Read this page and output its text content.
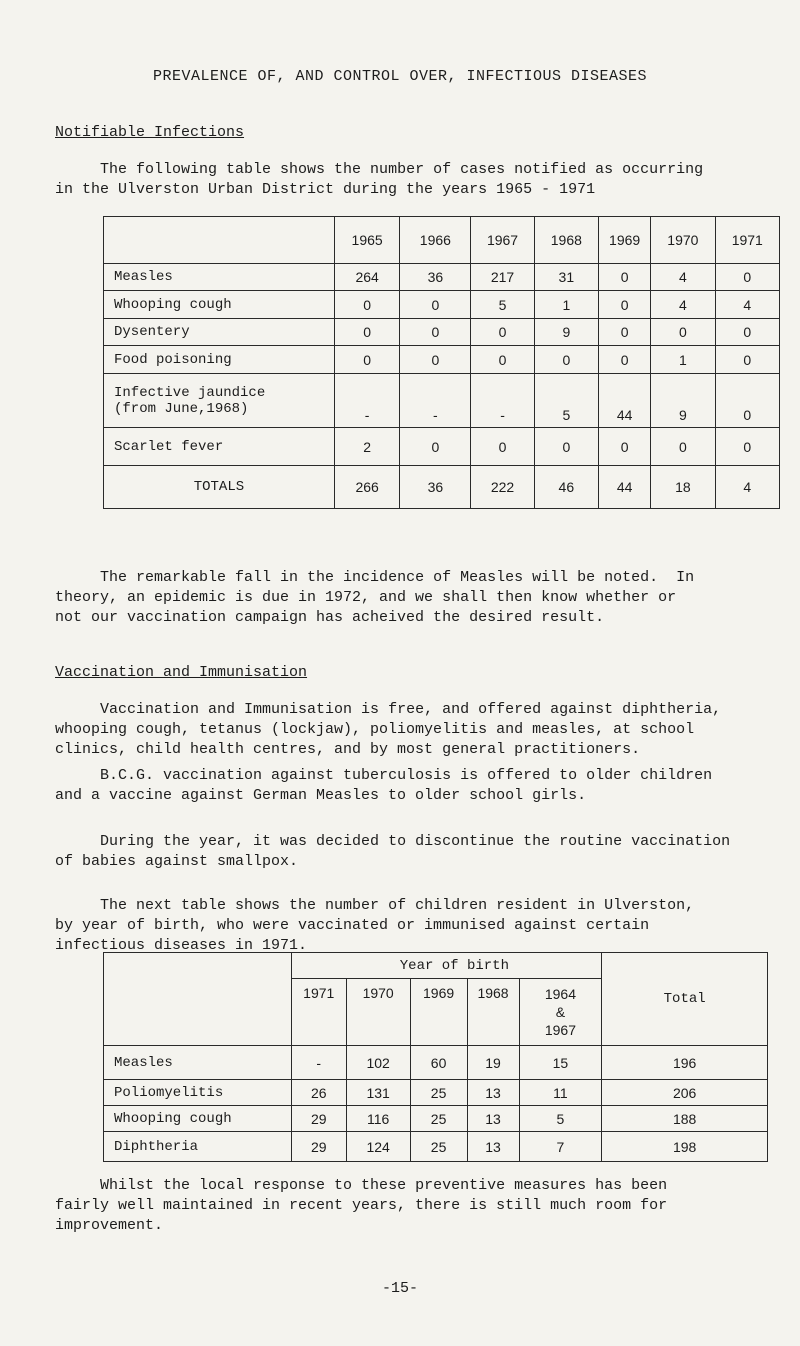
PREVALENCE OF, AND CONTROL OVER, INFECTIOUS DISEASES
Notifiable Infections
The following table shows the number of cases notified as occurring
in the Ulverston Urban District during the years 1965 - 1971
	1965	1966	1967	1968	1969	1970	1971
Measles	264	36	217	31	0	4	0
Whooping cough	0	0	5	1	0	4	4
Dysentery	0	0	0	9	0	0	0
Food poisoning	0	0	0	0	0	1	0
Infective jaundice
(from June,1968)	-	-	-	5	44	9	0
Scarlet fever	2	0	0	0	0	0	0
TOTALS	266	36	222	46	44	18	4
The remarkable fall in the incidence of Measles will be noted.  In
theory, an epidemic is due in 1972, and we shall then know whether or
not our vaccination campaign has acheived the desired result.
Vaccination and Immunisation
Vaccination and Immunisation is free, and offered against diphtheria,
whooping cough, tetanus (lockjaw), poliomyelitis and measles, at school
clinics, child health centres, and by most general practitioners.
B.C.G. vaccination against tuberculosis is offered to older children
and a vaccine against German Measles to older school girls.
During the year, it was decided to discontinue the routine vaccination
of babies against smallpox.
The next table shows the number of children resident in Ulverston,
by year of birth, who were vaccinated or immunised against certain
infectious diseases in 1971.
	Year of birth					Total
	1971	1970	1969	1968	1964
&
1967	
Measles	-	102	60	19	15	196
Poliomyelitis	26	131	25	13	11	206
Whooping cough	29	116	25	13	5	188
Diphtheria	29	124	25	13	7	198
Whilst the local response to these preventive measures has been
fairly well maintained in recent years, there is still much room for
improvement.
-15-
